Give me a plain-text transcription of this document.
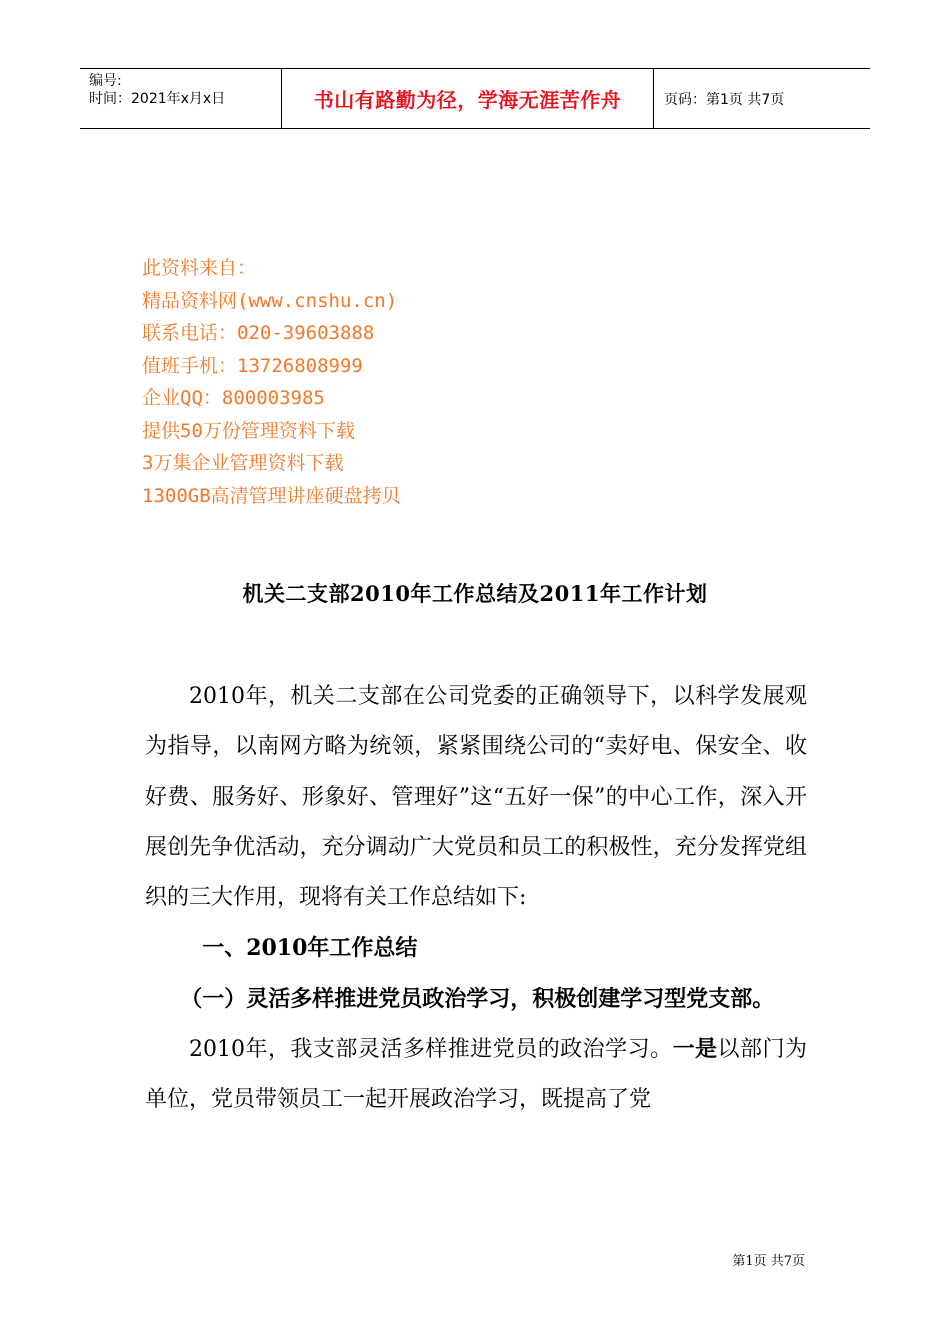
编号:
时间：2021年x月x日	书山有路勤为径，学海无涯苦作舟	页码：第1页 共7页
此资料来自：
精品资料网(www.cnshu.cn)
联系电话：020-39603888
值班手机：13726808999
企业QQ：800003985
提供50万份管理资料下载
3万集企业管理资料下载
1300GB高清管理讲座硬盘拷贝
机关二支部2010年工作总结及2011年工作计划

2010年，机关二支部在公司党委的正确领导下，以科学发展观为指导，以南网方略为统领，紧紧围绕公司的“卖好电、保安全、收好费、服务好、形象好、管理好”这“五好一保”的中心工作，深入开展创先争优活动，充分调动广大党员和员工的积极性，充分发挥党组织的三大作用，现将有关工作总结如下:

一、2010年工作总结

（一）灵活多样推进党员政治学习，积极创建学习型党支部。

2010年，我支部灵活多样推进党员的政治学习。一是以部门为单位，党员带领员工一起开展政治学习，既提高了党

第1页 共7页
